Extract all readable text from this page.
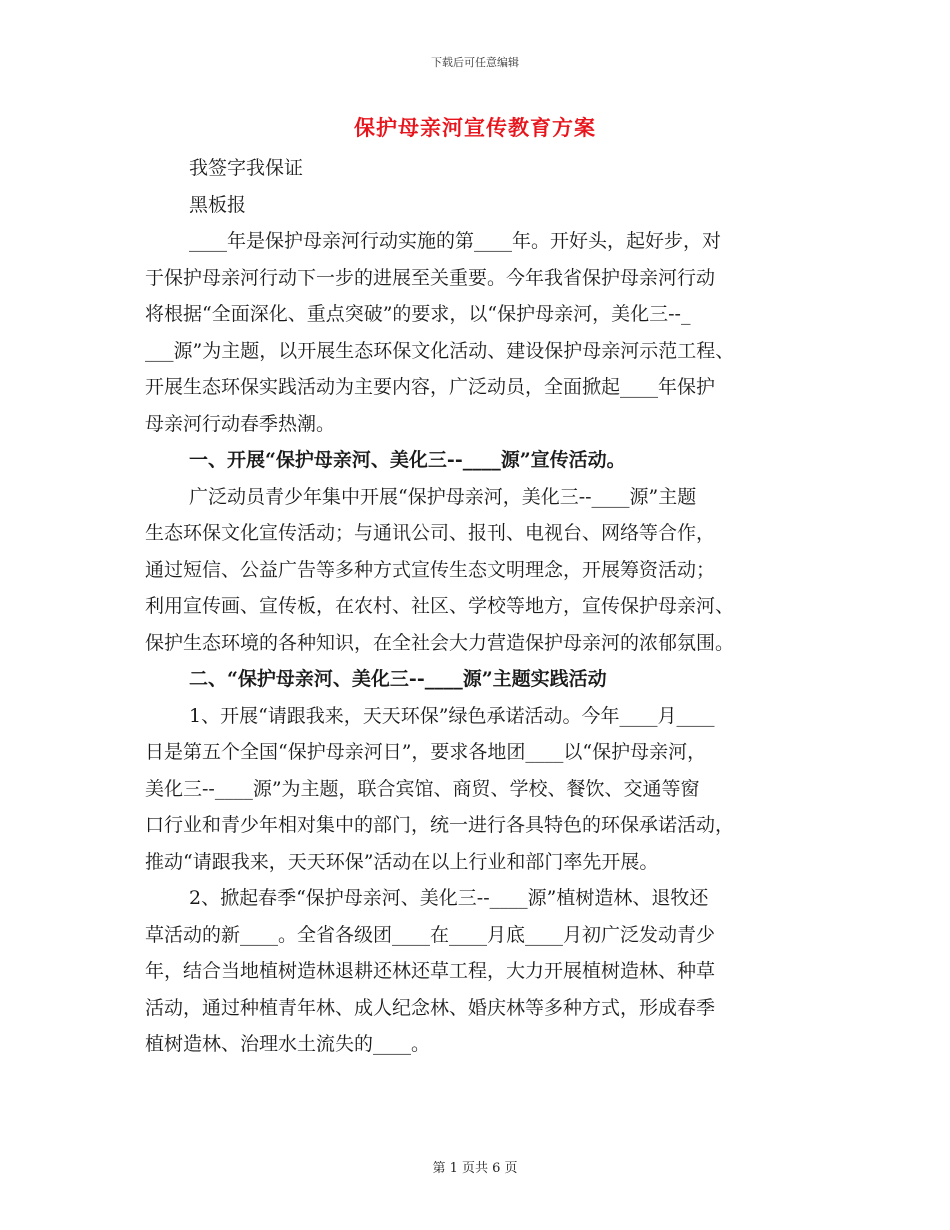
下载后可任意编辑
保护母亲河宣传教育方案
我签字我保证
黑板报
____年是保护母亲河行动实施的第____年。开好头，起好步，对
于保护母亲河行动下一步的进展至关重要。今年我省保护母亲河行动
将根据“全面深化、重点突破”的要求，以“保护母亲河，美化三--_
___源”为主题，以开展生态环保文化活动、建设保护母亲河示范工程、
开展生态环保实践活动为主要内容，广泛动员，全面掀起____年保护
母亲河行动春季热潮。
一、开展“保护母亲河、美化三--____源”宣传活动。
广泛动员青少年集中开展“保护母亲河，美化三--____源”主题
生态环保文化宣传活动；与通讯公司、报刊、电视台、网络等合作，
通过短信、公益广告等多种方式宣传生态文明理念，开展筹资活动；
利用宣传画、宣传板，在农村、社区、学校等地方，宣传保护母亲河、
保护生态环境的各种知识，在全社会大力营造保护母亲河的浓郁氛围。
二、“保护母亲河、美化三--____源”主题实践活动
1、开展“请跟我来，天天环保”绿色承诺活动。今年____月____
日是第五个全国“保护母亲河日”，要求各地团____以“保护母亲河，
美化三--____源”为主题，联合宾馆、商贸、学校、餐饮、交通等窗
口行业和青少年相对集中的部门，统一进行各具特色的环保承诺活动，
推动“请跟我来，天天环保”活动在以上行业和部门率先开展。
2、掀起春季“保护母亲河、美化三--____源”植树造林、退牧还
草活动的新____。全省各级团____在____月底____月初广泛发动青少
年，结合当地植树造林退耕还林还草工程，大力开展植树造林、种草
活动，通过种植青年林、成人纪念林、婚庆林等多种方式，形成春季
植树造林、治理水土流失的____。
第 1 页共 6 页
